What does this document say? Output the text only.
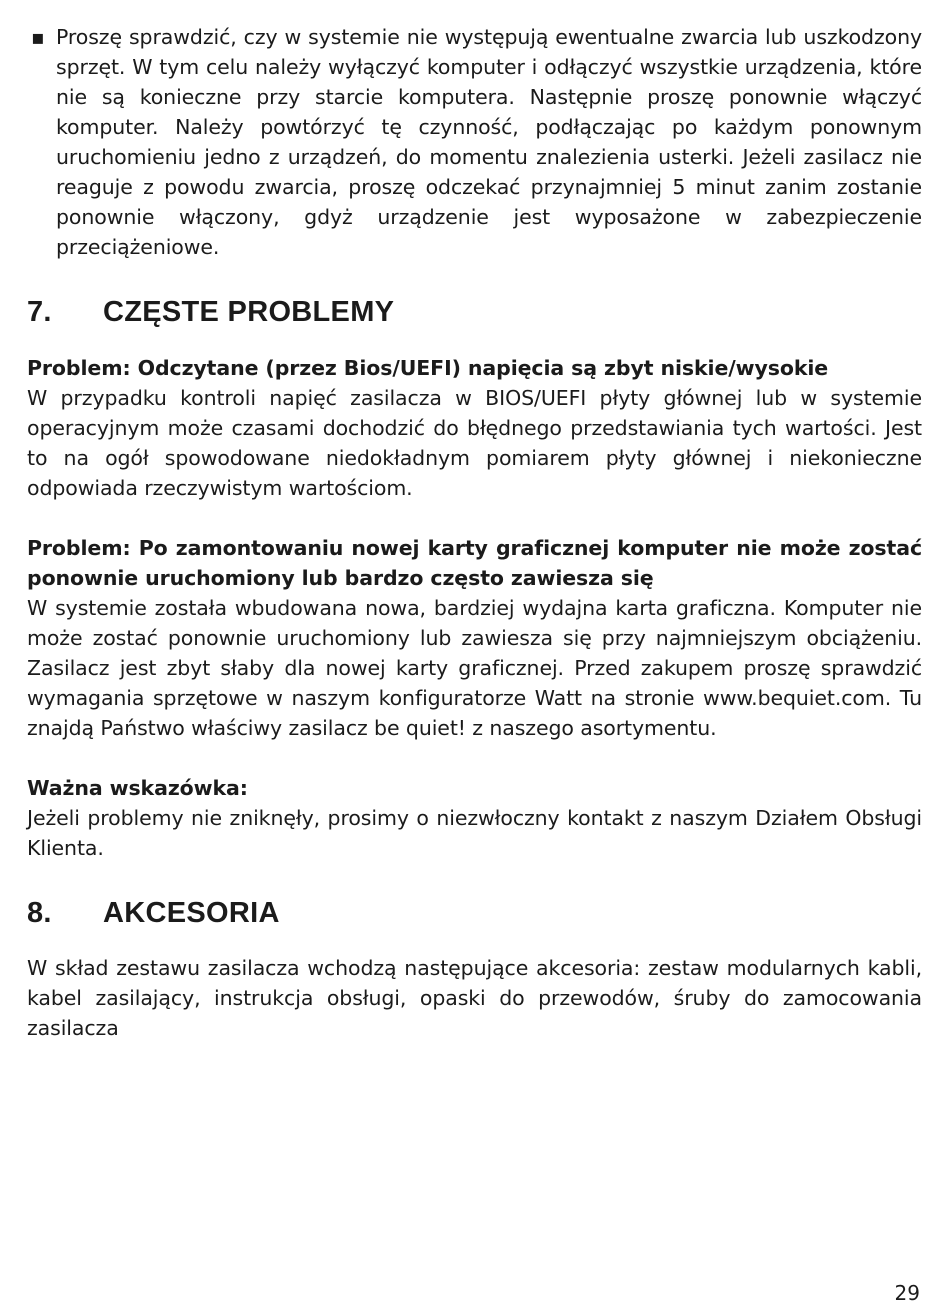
▪ Proszę sprawdzić, czy w systemie nie występują ewentualne zwarcia lub uszkodzony sprzęt. W tym celu należy wyłączyć komputer i odłączyć wszystkie urządzenia, które nie są konieczne przy starcie komputera. Następnie proszę ponownie włączyć komputer. Należy powtórzyć tę czynność, podłączając po każdym ponownym uruchomieniu jedno z urządzeń, do momentu znalezienia usterki. Jeżeli zasilacz nie reaguje z powodu zwarcia, proszę odczekać przynajmniej 5 minut zanim zostanie ponownie włączony, gdyż urządzenie jest wyposażone w zabezpieczenie przeciążeniowe.

7.	CZĘSTE PROBLEMY
Problem: Odczytane (przez Bios/UEFI) napięcia są zbyt niskie/wysokie

W przypadku kontroli napięć zasilacza w BIOS/UEFI płyty głównej lub w systemie operacyjnym może czasami dochodzić do błędnego przedstawiania tych wartości. Jest to na ogół spowodowane niedokładnym pomiarem płyty głównej i niekonieczne odpowiada rzeczywistym wartościom.

Problem: Po zamontowaniu nowej karty graficznej komputer nie może zostać ponownie uruchomiony lub bardzo często zawiesza się

W systemie została wbudowana nowa, bardziej wydajna karta graficzna. Komputer nie może zostać ponownie uruchomiony lub zawiesza się przy najmniejszym obciążeniu. Zasilacz jest zbyt słaby dla nowej karty graficznej. Przed zakupem proszę sprawdzić wymagania sprzętowe w naszym konfiguratorze Watt na stronie www.bequiet.com. Tu znajdą Państwo właściwy zasilacz be quiet! z naszego asortymentu.

Ważna wskazówka:

Jeżeli problemy nie zniknęły, prosimy o niezwłoczny kontakt z naszym Działem Obsługi Klienta.

8.	AKCESORIA

W skład zestawu zasilacza wchodzą następujące akcesoria: zestaw modularnych kabli, kabel zasilający, instrukcja obsługi, opaski do przewodów, śruby do zamocowania zasilacza

29
